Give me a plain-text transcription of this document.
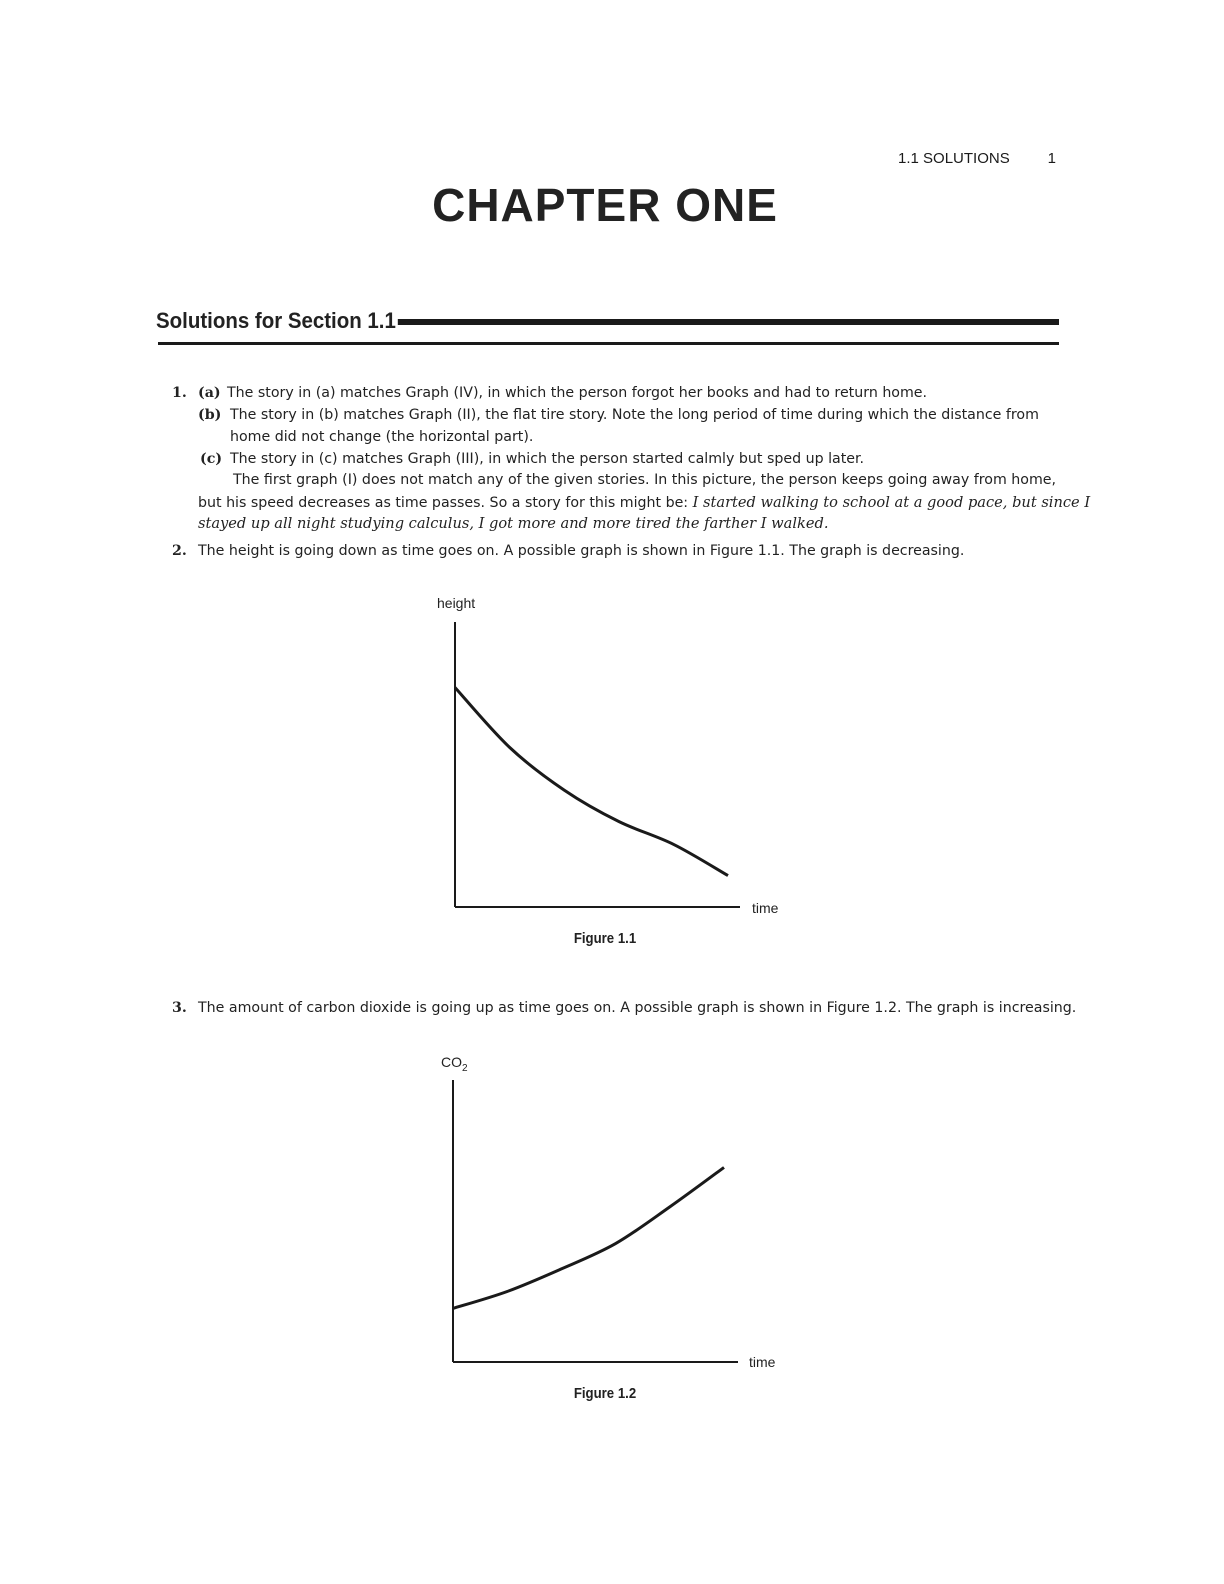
1.1 SOLUTIONS	1
CHAPTER ONE
Solutions for Section 1.1
1. (a) The story in (a) matches Graph (IV), in which the person forgot her books and had to return home.
(b) The story in (b) matches Graph (II), the flat tire story. Note the long period of time during which the distance from
home did not change (the horizontal part).
(c) The story in (c) matches Graph (III), in which the person started calmly but sped up later.
The first graph (I) does not match any of the given stories. In this picture, the person keeps going away from home,
but his speed decreases as time passes. So a story for this might be: I started walking to school at a good pace, but since I
stayed up all night studying calculus, I got more and more tired the farther I walked.
2. The height is going down as time goes on. A possible graph is shown in Figure 1.1. The graph is decreasing.
3. The amount of carbon dioxide is going up as time goes on. A possible graph is shown in Figure 1.2. The graph is increasing.
height
time
$CO_2$
time
Figure 1.1
Figure 1.2
